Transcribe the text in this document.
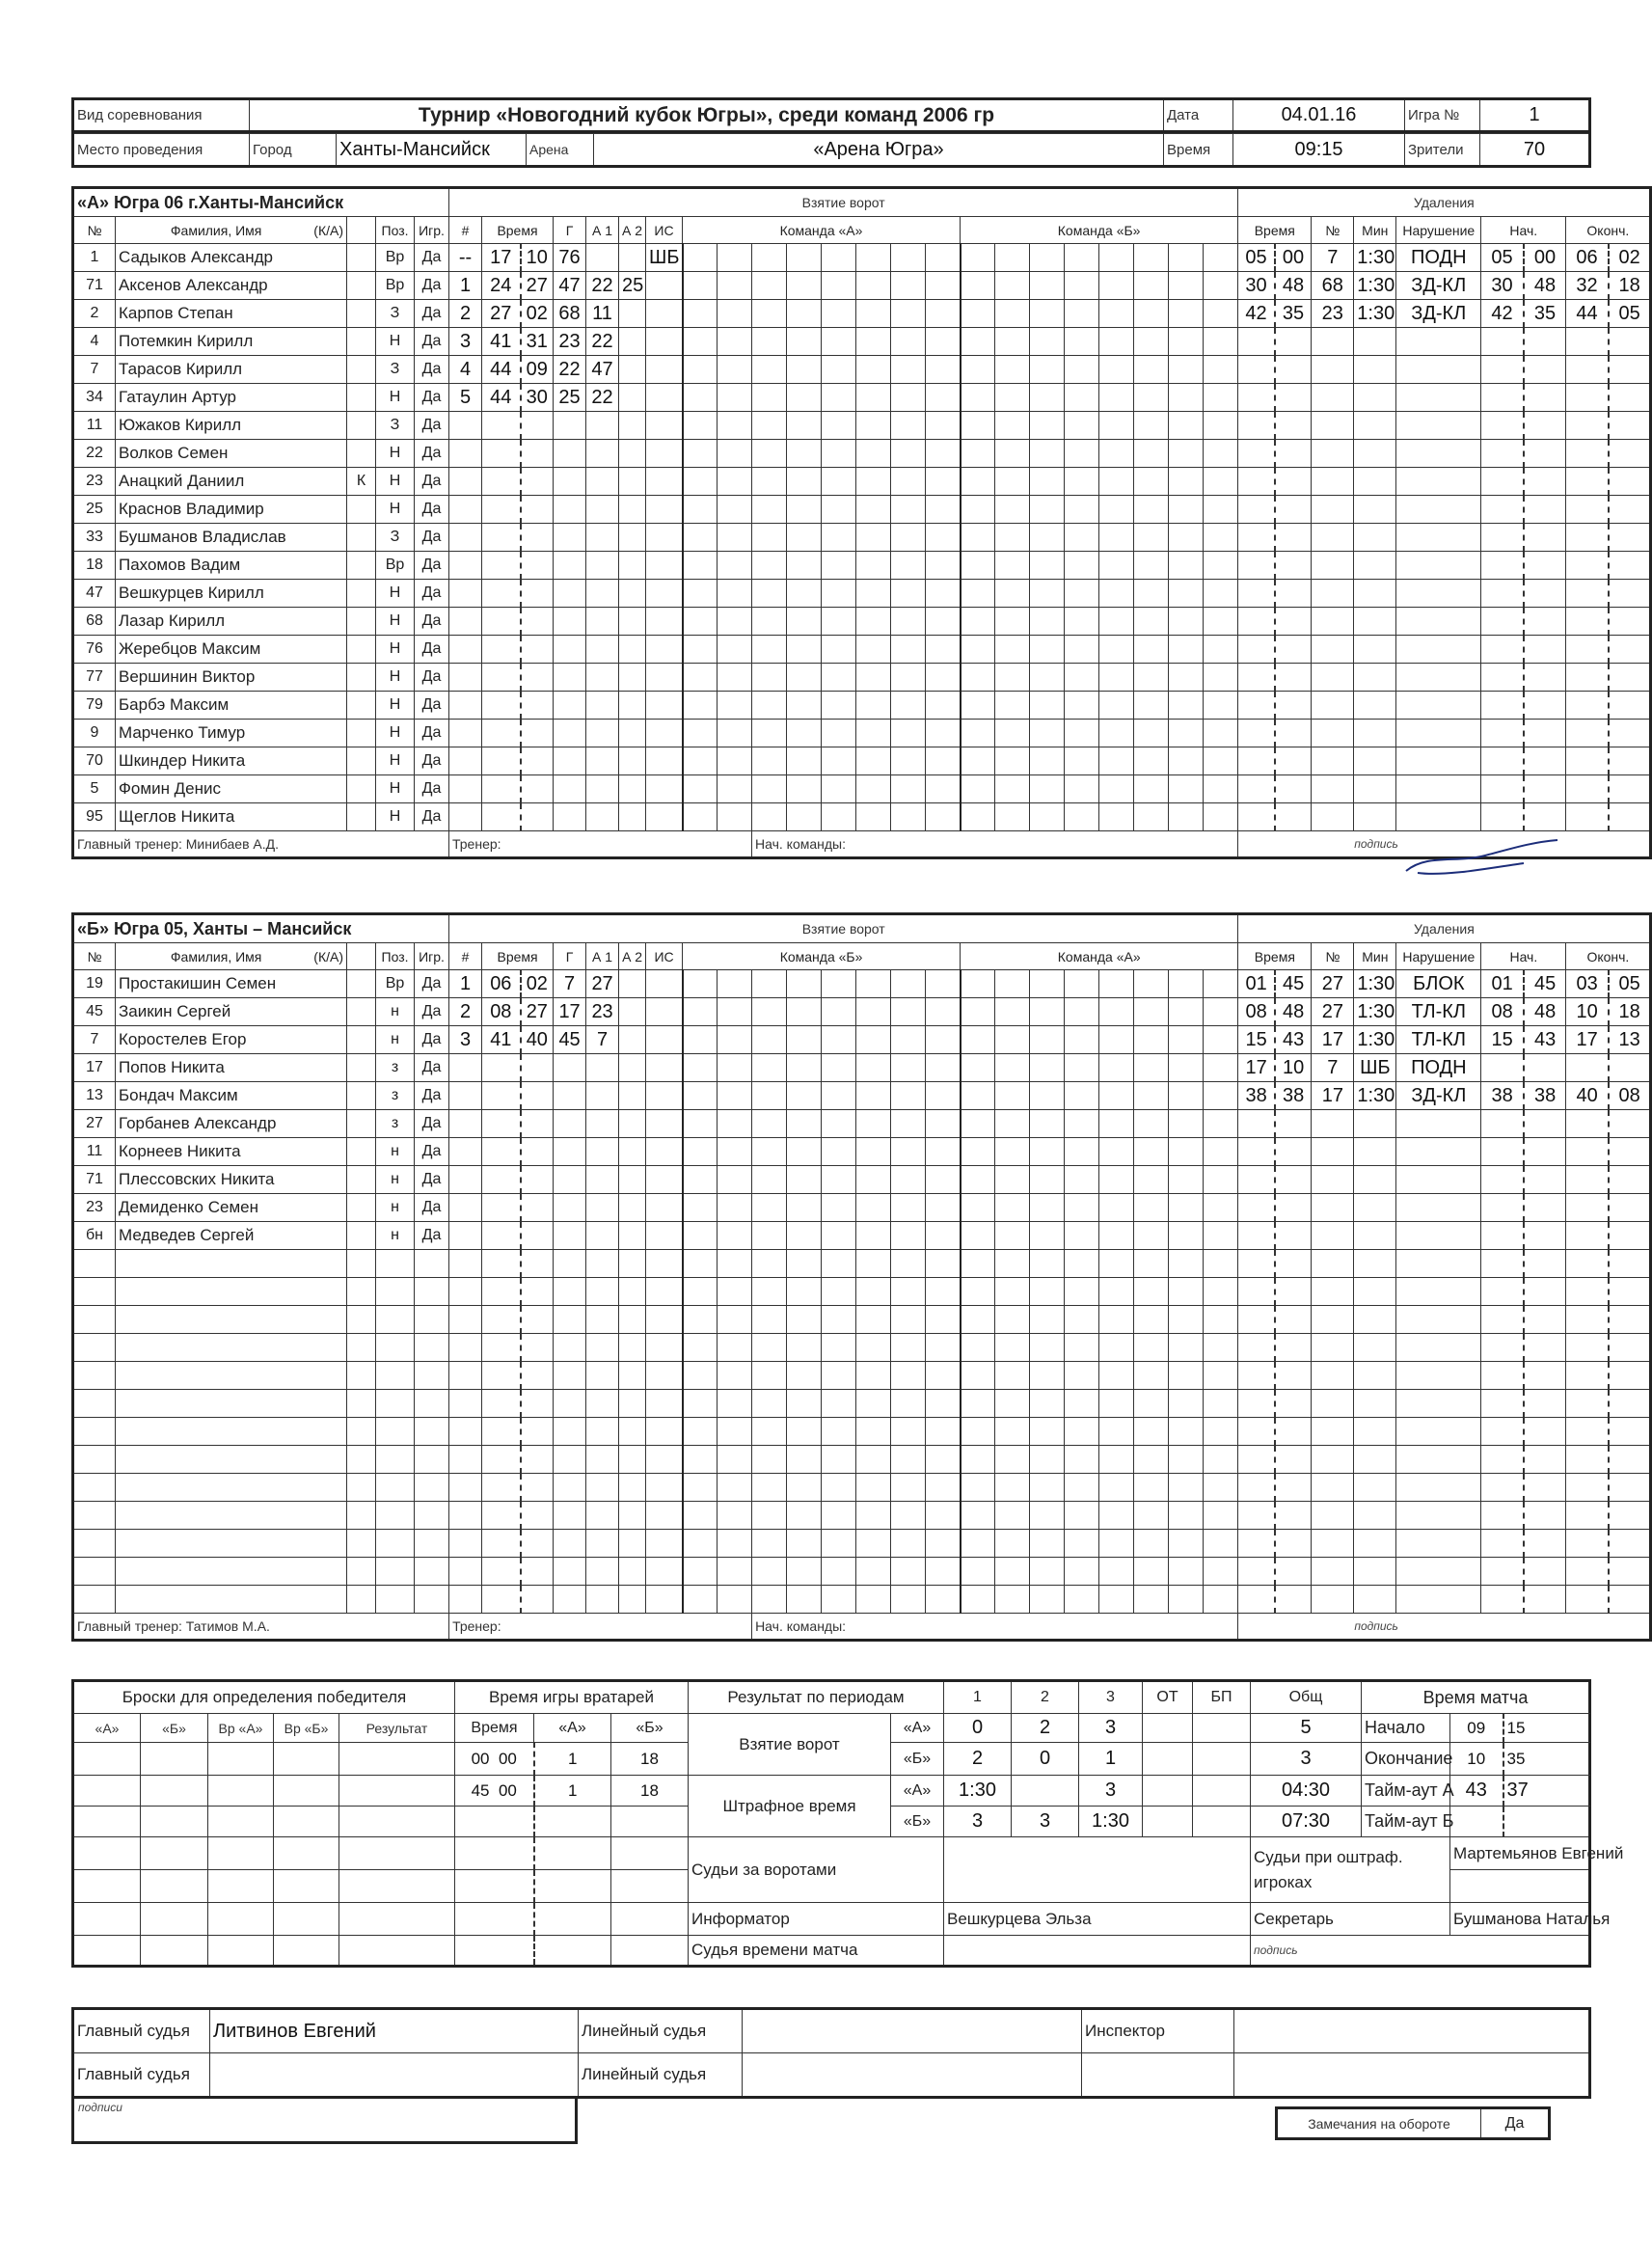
Вид соревнования	Турнир «Новогодний кубок Югры», среди команд 2006 гр	Дата	04.01.16	Игра №	1
Место проведения	Город	Ханты-Мансийск	Арена	«Арена Югра»	Время	09:15	Зрители	70
«А» Югра 06 г.Ханты-Мансийск					Взятие ворот																							Удаления								
№	Фамилия, Имя (К/А)		Поз.	Игр.	#	Время		Г	А 1	А 2	ИС	Команда «А»								Команда «Б»								Время		№	Мин	Нарушение	Нач.		Оконч.	
1	Садыков Александр		Вр	Да	--	17	10	76			ШБ																	05	00	7	1:30	ПОДН	05	00	06	02
71	Аксенов Александр		Вр	Да	1	24	27	47	22	25																		30	48	68	1:30	ЗД-КЛ	30	48	32	18
2	Карпов Степан		З	Да	2	27	02	68	11																			42	35	23	1:30	ЗД-КЛ	42	35	44	05
4	Потемкин Кирилл		Н	Да	3	41	31	23	22																											
7	Тарасов Кирилл		З	Да	4	44	09	22	47																											
34	Гатаулин Артур		Н	Да	5	44	30	25	22																											
11	Южаков Кирилл		З	Да																																
22	Волков Семен		Н	Да																																
23	Анацкий Даниил	К	Н	Да																																
25	Краснов Владимир		Н	Да																																
33	Бушманов Владислав		З	Да																																
18	Пахомов Вадим		Вр	Да																																
47	Вешкурцев Кирилл		Н	Да																																
68	Лазар Кирилл		Н	Да																																
76	Жеребцов Максим		Н	Да																																
77	Вершинин Виктор		Н	Да																																
79	Барбэ Максим		Н	Да																																
9	Марченко Тимур		Н	Да																																
70	Шкиндер Никита		Н	Да																																
5	Фомин Денис		Н	Да																																
95	Щеглов Никита		Н	Да																																
Главный тренер: Минибаев А.Д.					Тренер:									Нач. команды:														подпись								
«Б» Югра 05, Ханты – Мансийск					Взятие ворот																							Удаления								
№	Фамилия, Имя (К/А)		Поз.	Игр.	#	Время		Г	А 1	А 2	ИС	Команда «Б»								Команда «А»								Время		№	Мин	Нарушение	Нач.		Оконч.	
19	Простакишин Семен		Вр	Да	1	06	02	7	27																			01	45	27	1:30	БЛОК	01	45	03	05
45	Заикин Сергей		н	Да	2	08	27	17	23																			08	48	27	1:30	ТЛ-КЛ	08	48	10	18
7	Коростелев Егор		н	Да	3	41	40	45	7																			15	43	17	1:30	ТЛ-КЛ	15	43	17	13
17	Попов Никита		з	Да																								17	10	7	ШБ	ПОДН				
13	Бондач Максим		з	Да																								38	38	17	1:30	ЗД-КЛ	38	38	40	08
27	Горбанев Александр		з	Да																																
11	Корнеев Никита		н	Да																																
71	Плессовских Никита		н	Да																																
23	Демиденко Семен		н	Да																																
бн	Медведев Сергей		н	Да																																

Главный тренер: Татимов М.А.					Тренер:									Нач. команды:														подпись								
Броски для определения победителя					Время игры вратарей			Результат по периодам		1	2	3	ОТ	БП	Общ	Время матча		
«А»	«Б»	Вр «А»	Вр «Б»	Результат	Время	«А»	«Б»	Взятие ворот	«А»	0	2	3			5	Начало	09	15
					00 00	1	18		«Б»	2	0	1			3	Окончание	10	35
					45 00	1	18	Штрафное время	«А»	1:30		3			04:30	Тайм-аут А	43	37
									«Б»	3	3	1:30			07:30	Тайм-аут Б		
								Судьи за воротами							Судьи при оштраф. игроках		Мартемьянов Евгений	

								Информатор		Вешкурцева Эльза					Секретарь		Бушманова Наталья	
								Судья времени матча							подпись			
Главный судья	Литвинов Евгений	Линейный судья		Инспектор	
Главный судья		Линейный судья			
подписи
Замечания на обороте	Да
